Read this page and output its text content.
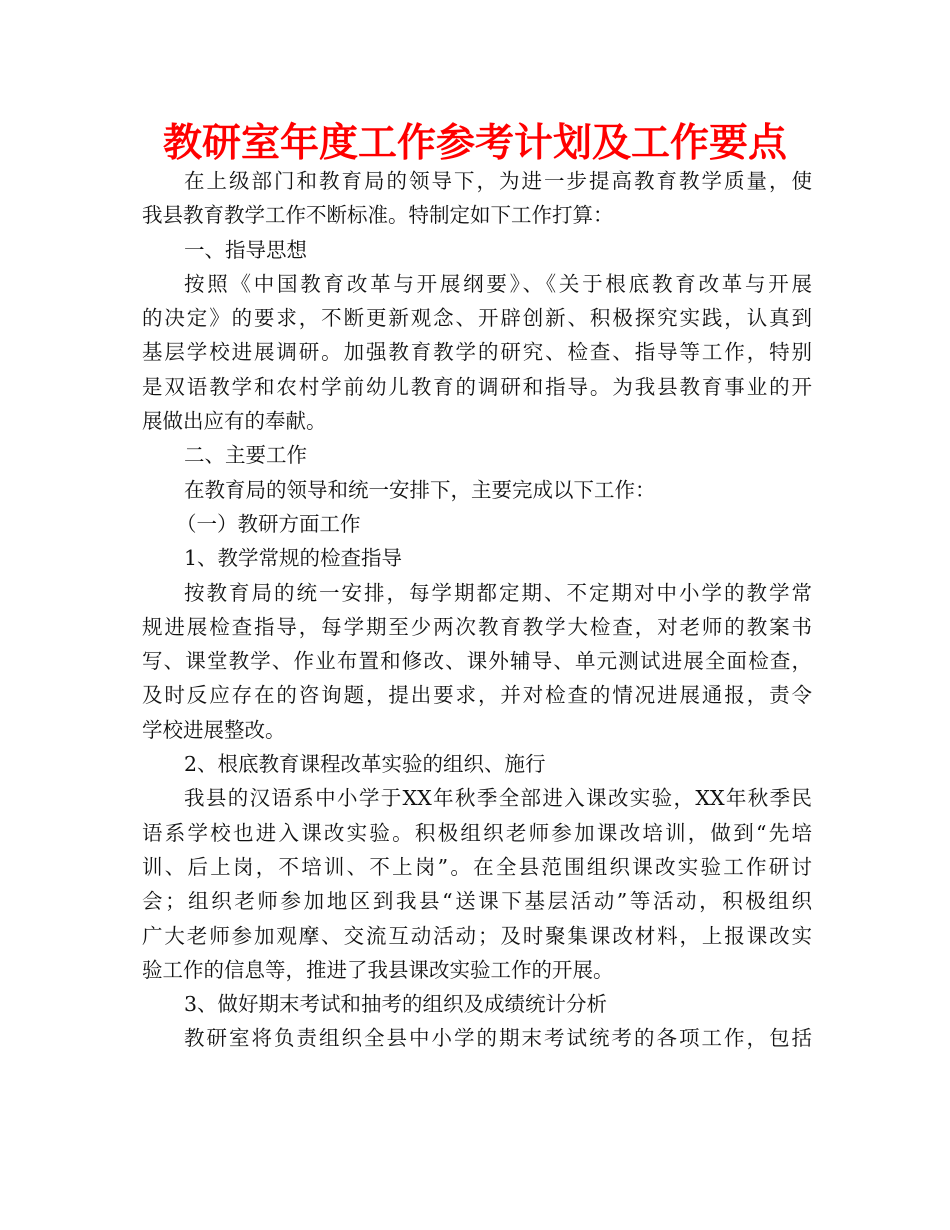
教研室年度工作参考计划及工作要点
在上级部门和教育局的领导下，为进一步提高教育教学质量，使
我县教育教学工作不断标准。特制定如下工作打算：
一、指导思想
按照《中国教育改革与开展纲要》、《关于根底教育改革与开展
的决定》的要求，不断更新观念、开辟创新、积极探究实践，认真到
基层学校进展调研。加强教育教学的研究、检查、指导等工作，特别
是双语教学和农村学前幼儿教育的调研和指导。为我县教育事业的开
展做出应有的奉献。
二、主要工作
在教育局的领导和统一安排下，主要完成以下工作：
（一）教研方面工作
1、教学常规的检查指导
按教育局的统一安排，每学期都定期、不定期对中小学的教学常
规进展检查指导，每学期至少两次教育教学大检查，对老师的教案书
写、课堂教学、作业布置和修改、课外辅导、单元测试进展全面检查，
及时反应存在的咨询题，提出要求，并对检查的情况进展通报，责令
学校进展整改。
2、根底教育课程改革实验的组织、施行
我县的汉语系中小学于XX年秋季全部进入课改实验，XX年秋季民
语系学校也进入课改实验。积极组织老师参加课改培训，做到“先培
训、后上岗，不培训、不上岗”。在全县范围组织课改实验工作研讨
会；组织老师参加地区到我县“送课下基层活动”等活动，积极组织
广大老师参加观摩、交流互动活动；及时聚集课改材料，上报课改实
验工作的信息等，推进了我县课改实验工作的开展。
3、做好期末考试和抽考的组织及成绩统计分析
教研室将负责组织全县中小学的期末考试统考的各项工作，包括
